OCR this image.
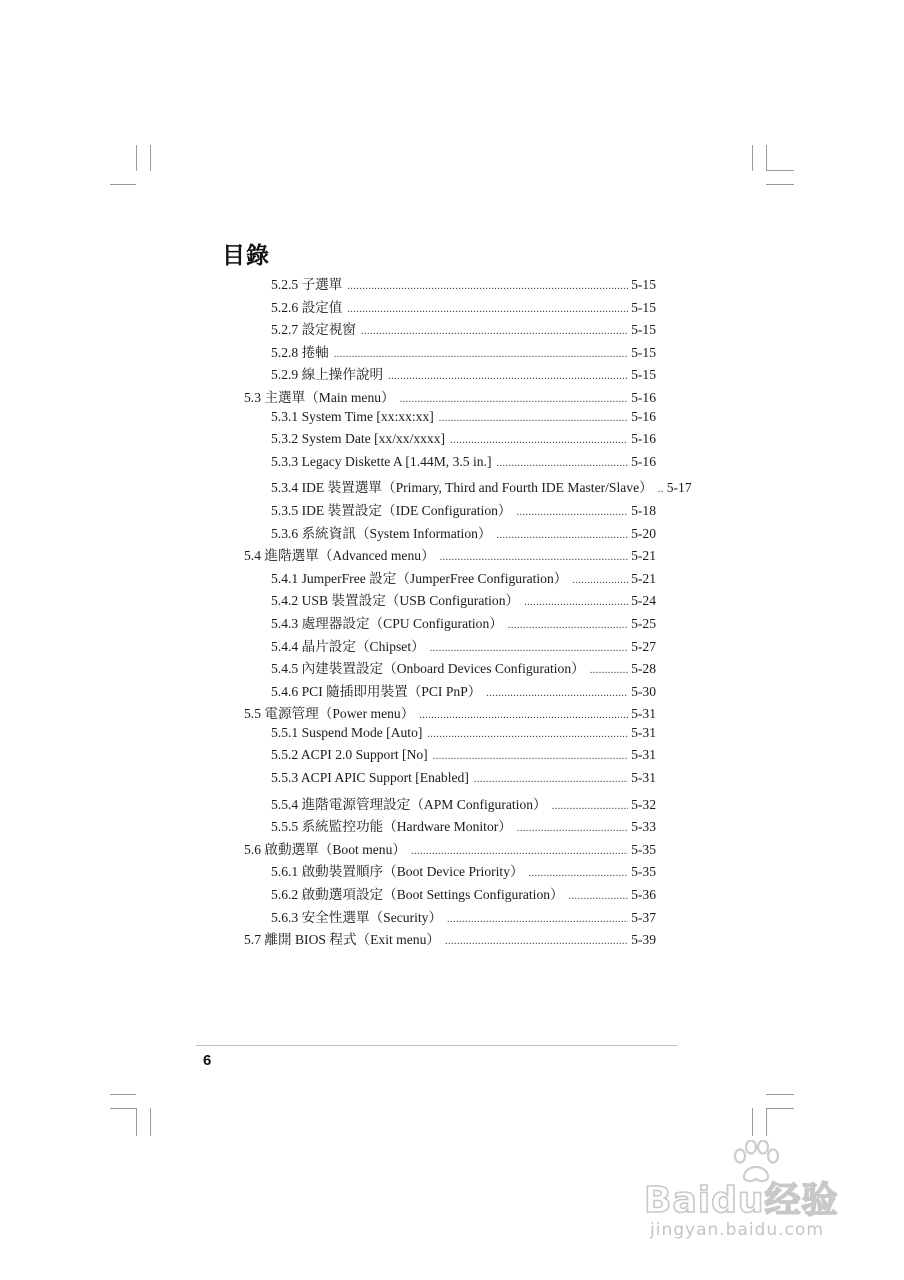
目錄
5.2.5 子選單 .....	5-15
5.2.6 設定值 .....	5-15
5.2.7 設定視窗 .....	5-15
5.2.8 捲軸 .....	5-15
5.2.9 線上操作說明 .....	5-15
5.3 主選單（Main menu） .....	5-16
5.3.1 System Time [xx:xx:xx] .....	5-16
5.3.2 System Date [xx/xx/xxxx] .....	5-16
5.3.3 Legacy Diskette A [1.44M, 3.5 in.] .....	5-16
5.3.4 IDE 裝置選單（Primary, Third and Fourth IDE Master/Slave） ..... 5-17
5.3.5 IDE 裝置設定（IDE Configuration） .....	5-18
5.3.6 系統資訊（System Information） .....	5-20
5.4 進階選單（Advanced menu） .....	5-21
5.4.1 JumperFree 設定（JumperFree Configuration） .....	5-21
5.4.2 USB 裝置設定（USB Configuration） .....	5-24
5.4.3 處理器設定（CPU Configuration） .....	5-25
5.4.4 晶片設定（Chipset） .....	5-27
5.4.5 內建裝置設定（Onboard Devices Configuration） .....	5-28
5.4.6 PCI 隨插即用裝置（PCI PnP） .....	5-30
5.5 電源管理（Power menu） .....	5-31
5.5.1 Suspend Mode [Auto] .....	5-31
5.5.2 ACPI 2.0 Support [No] .....	5-31
5.5.3 ACPI APIC Support [Enabled] .....	5-31
5.5.4 進階電源管理設定（APM Configuration） .....	5-32
5.5.5 系統監控功能（Hardware Monitor） .....	5-33
5.6 啟動選單（Boot menu） .....	5-35
5.6.1 啟動裝置順序（Boot Device Priority） .....	5-35
5.6.2 啟動選項設定（Boot Settings Configuration） .....	5-36
5.6.3 安全性選單（Security） .....	5-37
5.7 離開 BIOS 程式（Exit menu） .....	5-39
6
Baidu经验
jingyan.baidu.com
